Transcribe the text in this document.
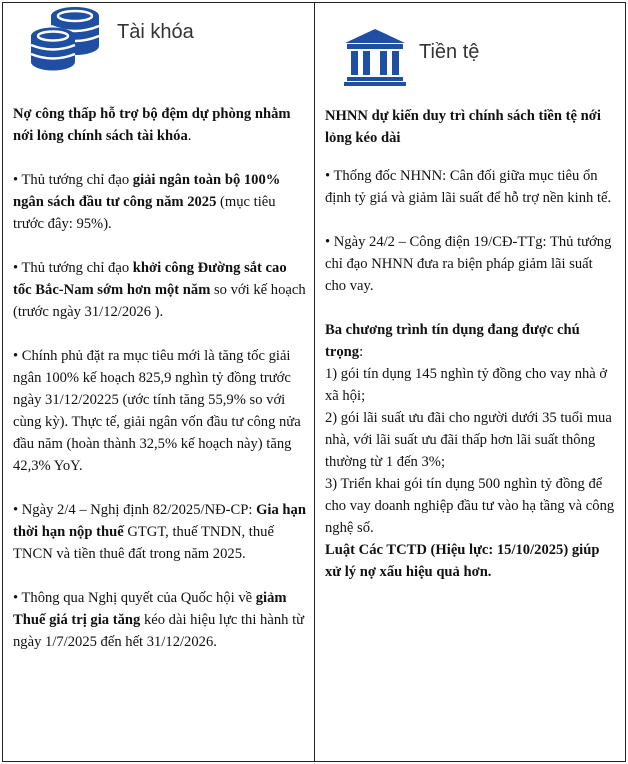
Tài khóa

Nợ công thấp hỗ trợ bộ đệm dự phòng nhằm nới lỏng chính sách tài khóa.

• Thủ tướng chỉ đạo giải ngân toàn bộ 100% ngân sách đầu tư công năm 2025 (mục tiêu trước đây: 95%).

• Thủ tướng chỉ đạo khởi công Đường sắt cao tốc Bắc-Nam sớm hơn một năm so với kế hoạch (trước ngày 31/12/2026 ).

• Chính phủ đặt ra mục tiêu mới là tăng tốc giải ngân 100% kế hoạch 825,9 nghìn tỷ đồng trước ngày 31/12/20225 (ước tính tăng 55,9% so với cùng kỳ). Thực tế, giải ngân vốn đầu tư công nửa đầu năm (hoàn thành 32,5% kế hoạch này) tăng 42,3% YoY.

• Ngày 2/4 – Nghị định 82/2025/NĐ-CP: Gia hạn thời hạn nộp thuế GTGT, thuế TNDN, thuế TNCN và tiền thuê đất trong năm 2025.

• Thông qua Nghị quyết của Quốc hội về giảm Thuế giá trị gia tăng kéo dài hiệu lực thi hành từ ngày 1/7/2025 đến hết 31/12/2026.

Tiền tệ

NHNN dự kiến duy trì chính sách tiền tệ nới lỏng kéo dài

• Thống đốc NHNN: Cân đối giữa mục tiêu ổn định tỷ giá và giảm lãi suất để hỗ trợ nền kinh tế.

• Ngày 24/2 – Công điện 19/CĐ-TTg: Thủ tướng chỉ đạo NHNN đưa ra biện pháp giảm lãi suất cho vay.

Ba chương trình tín dụng đang được chú trọng:

1) gói tín dụng 145 nghìn tỷ đồng cho vay nhà ở xã hội;

2) gói lãi suất ưu đãi cho người dưới 35 tuổi mua nhà, với lãi suất ưu đãi thấp hơn lãi suất thông thường từ 1 đến 3%;

3) Triển khai gói tín dụng 500 nghìn tỷ đồng để cho vay doanh nghiệp đầu tư vào hạ tầng và công nghệ số.

Luật Các TCTD (Hiệu lực: 15/10/2025) giúp xử lý nợ xấu hiệu quả hơn.
